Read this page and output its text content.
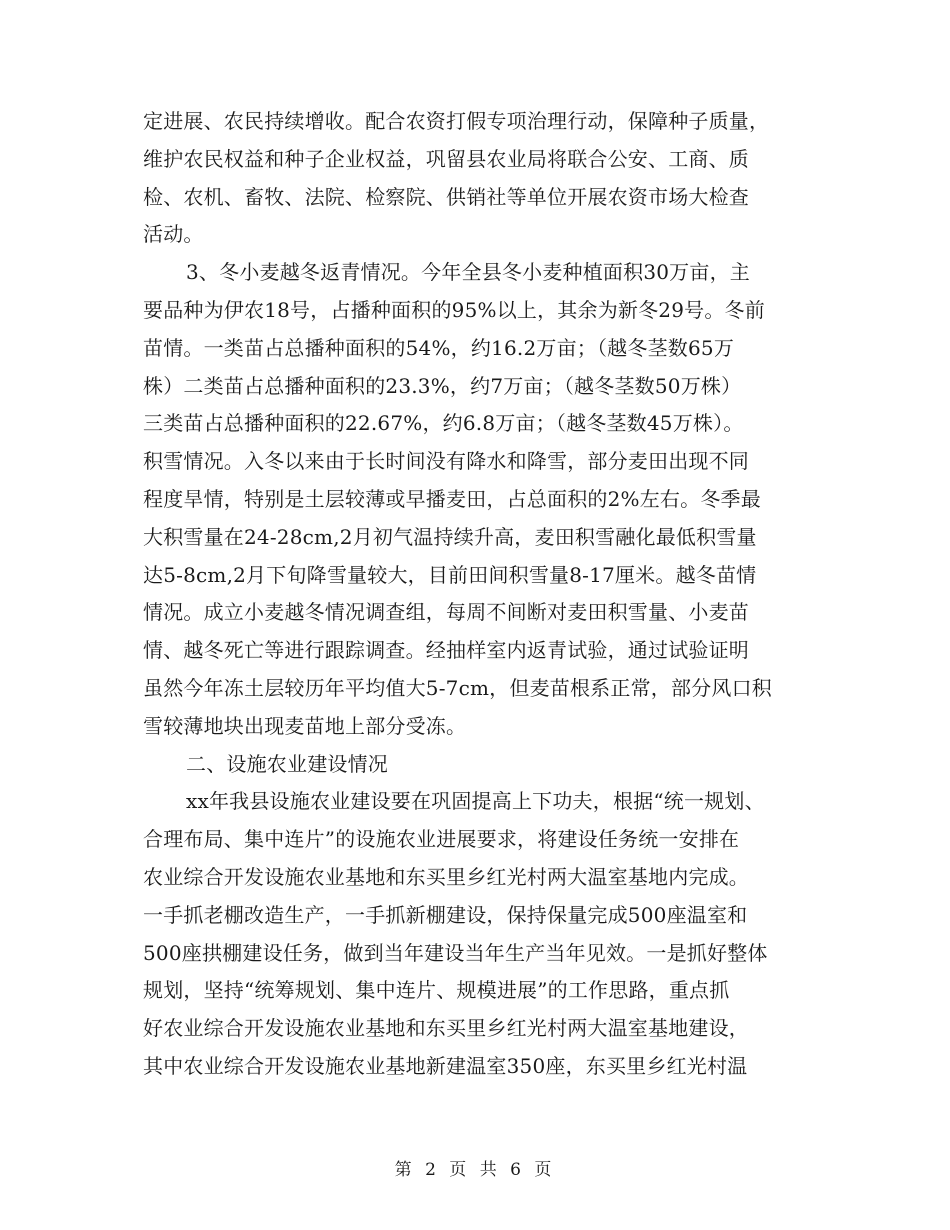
定进展、农民持续增收。配合农资打假专项治理行动，保障种子质量，
维护农民权益和种子企业权益，巩留县农业局将联合公安、工商、质
检、农机、畜牧、法院、检察院、供销社等单位开展农资市场大检查
活动。
3、冬小麦越冬返青情况。今年全县冬小麦种植面积30万亩，主
要品种为伊农18号，占播种面积的95%以上，其余为新冬29号。冬前
苗情。一类苗占总播种面积的54%，约16.2万亩；（越冬茎数65万
株）二类苗占总播种面积的23.3%，约7万亩；（越冬茎数50万株）
三类苗占总播种面积的22.67%，约6.8万亩；（越冬茎数45万株）。
积雪情况。入冬以来由于长时间没有降水和降雪，部分麦田出现不同
程度旱情，特别是土层较薄或早播麦田，占总面积的2%左右。冬季最
大积雪量在24-28cm,2月初气温持续升高，麦田积雪融化最低积雪量
达5-8cm,2月下旬降雪量较大，目前田间积雪量8-17厘米。越冬苗情
情况。成立小麦越冬情况调查组，每周不间断对麦田积雪量、小麦苗
情、越冬死亡等进行跟踪调查。经抽样室内返青试验，通过试验证明
虽然今年冻土层较历年平均值大5-7cm，但麦苗根系正常，部分风口积
雪较薄地块出现麦苗地上部分受冻。
二、设施农业建设情况
xx年我县设施农业建设要在巩固提高上下功夫，根据“统一规划、
合理布局、集中连片”的设施农业进展要求，将建设任务统一安排在
农业综合开发设施农业基地和东买里乡红光村两大温室基地内完成。
一手抓老棚改造生产，一手抓新棚建设，保持保量完成500座温室和
500座拱棚建设任务，做到当年建设当年生产当年见效。一是抓好整体
规划，坚持“统筹规划、集中连片、规模进展”的工作思路，重点抓
好农业综合开发设施农业基地和东买里乡红光村两大温室基地建设，
其中农业综合开发设施农业基地新建温室350座，东买里乡红光村温
第 2 页 共 6 页
